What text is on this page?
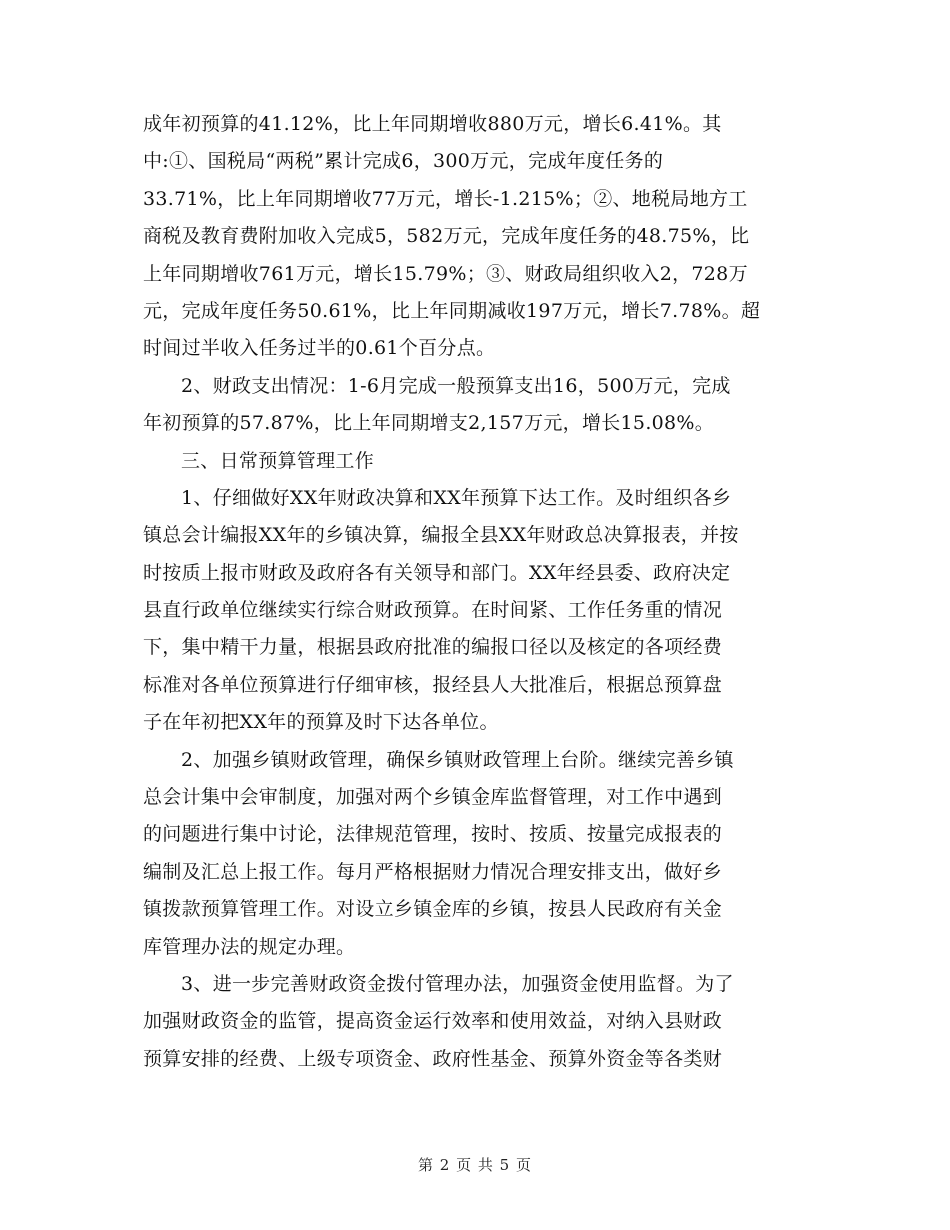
成年初预算的41.12%，比上年同期增收880万元，增长6.41%。其
中:①、国税局“两税”累计完成6，300万元，完成年度任务的
33.71%，比上年同期增收77万元，增长-1.215%；②、地税局地方工
商税及教育费附加收入完成5，582万元，完成年度任务的48.75%，比
上年同期增收761万元，增长15.79%；③、财政局组织收入2，728万
元，完成年度任务50.61%，比上年同期减收197万元，增长7.78%。超
时间过半收入任务过半的0.61个百分点。
2、财政支出情况：1-6月完成一般预算支出16，500万元，完成
年初预算的57.87%，比上年同期增支2,157万元，增长15.08%。
三、日常预算管理工作
1、仔细做好XX年财政决算和XX年预算下达工作。及时组织各乡
镇总会计编报XX年的乡镇决算，编报全县XX年财政总决算报表，并按
时按质上报市财政及政府各有关领导和部门。XX年经县委、政府决定
县直行政单位继续实行综合财政预算。在时间紧、工作任务重的情况
下，集中精干力量，根据县政府批准的编报口径以及核定的各项经费
标准对各单位预算进行仔细审核，报经县人大批准后，根据总预算盘
子在年初把XX年的预算及时下达各单位。
2、加强乡镇财政管理，确保乡镇财政管理上台阶。继续完善乡镇
总会计集中会审制度，加强对两个乡镇金库监督管理，对工作中遇到
的问题进行集中讨论，法律规范管理，按时、按质、按量完成报表的
编制及汇总上报工作。每月严格根据财力情况合理安排支出，做好乡
镇拨款预算管理工作。对设立乡镇金库的乡镇，按县人民政府有关金
库管理办法的规定办理。
3、进一步完善财政资金拨付管理办法，加强资金使用监督。为了
加强财政资金的监管，提高资金运行效率和使用效益，对纳入县财政
预算安排的经费、上级专项资金、政府性基金、预算外资金等各类财
第 2 页 共 5 页
